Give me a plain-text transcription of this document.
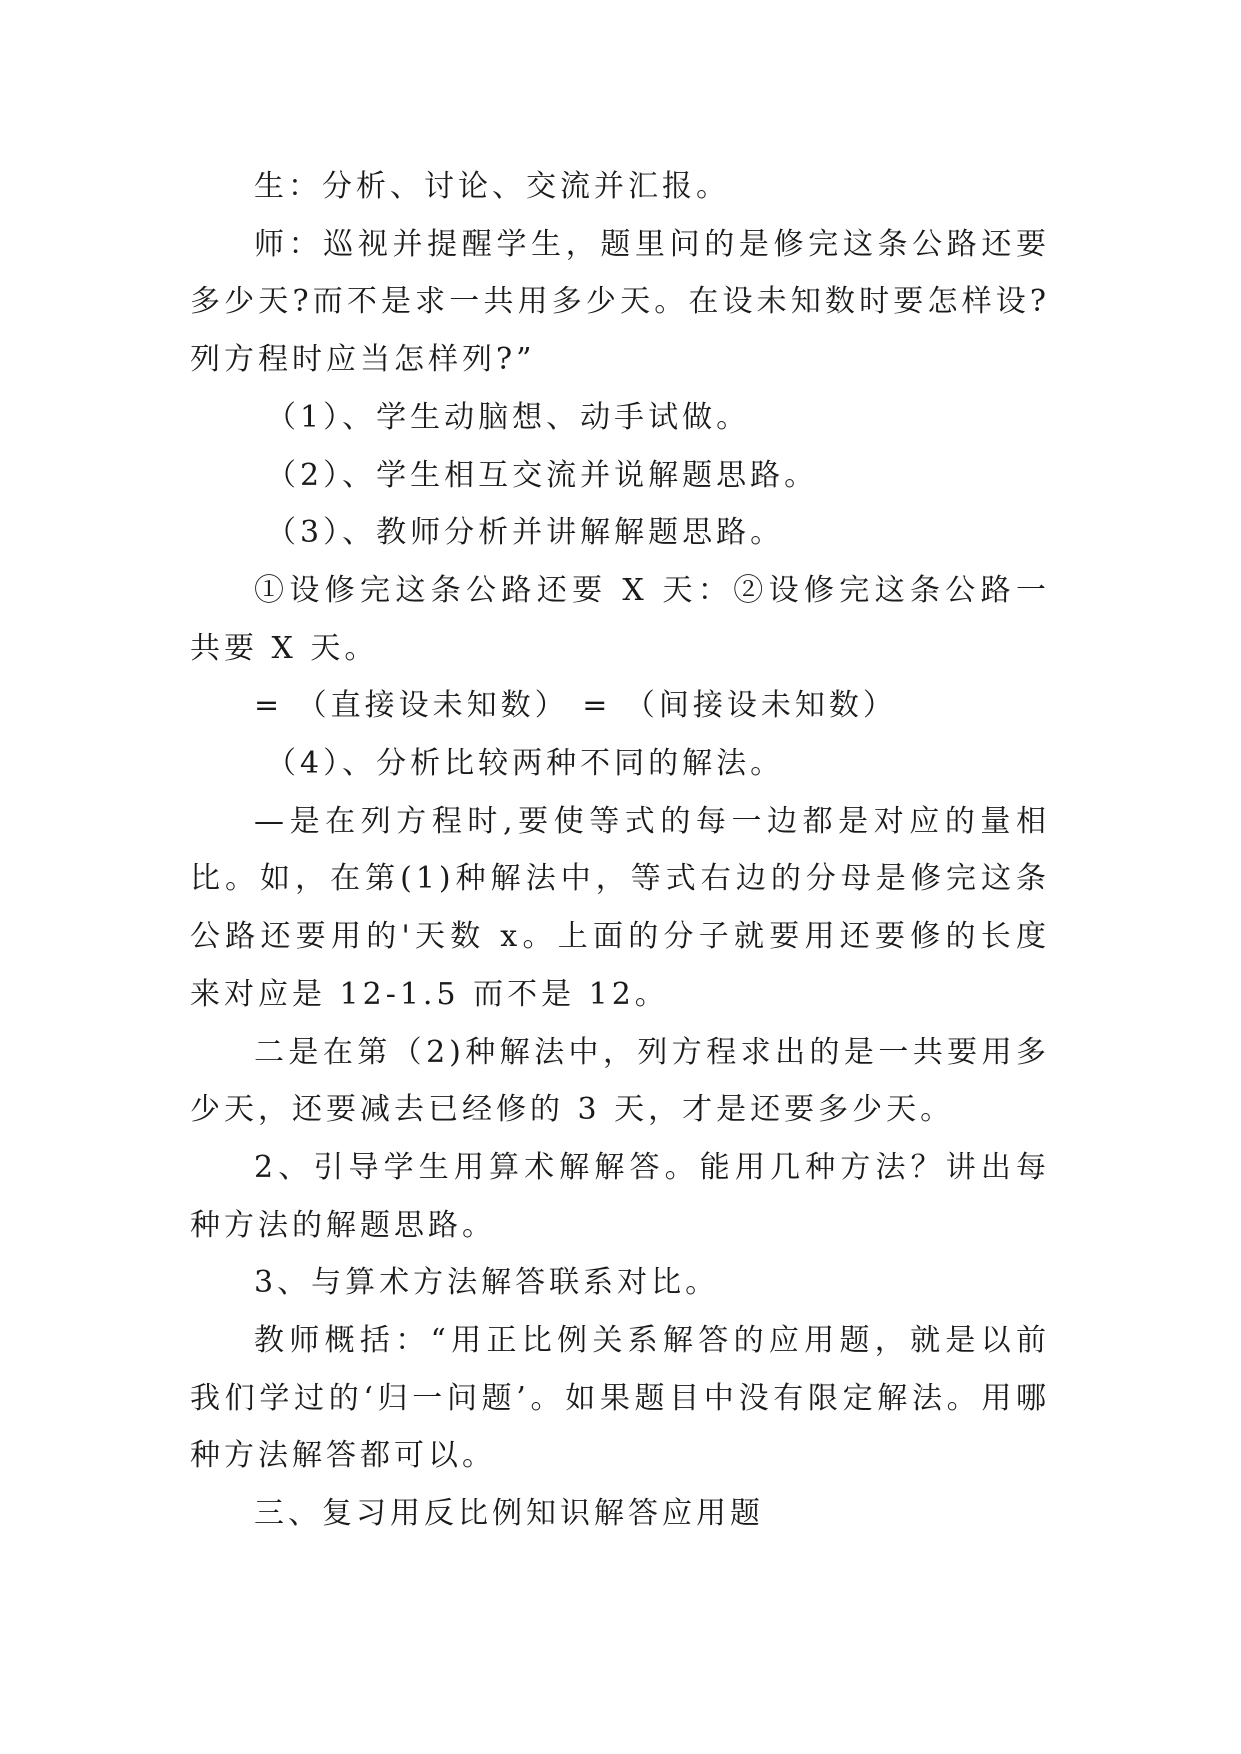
生：分析、讨论、交流并汇报。

师：巡视并提醒学生，题里问的是修完这条公路还要多少天?而不是求一共用多少天。在设未知数时要怎样设?列方程时应当怎样列?”

（1）、学生动脑想、动手试做。

（2）、学生相互交流并说解题思路。

（3）、教师分析并讲解解题思路。

①设修完这条公路还要 X 天：②设修完这条公路一共要 X 天。

= （直接设未知数） = （间接设未知数）

（4）、分析比较两种不同的解法。

—是在列方程时,要使等式的每一边都是对应的量相比。如，在第(1)种解法中，等式右边的分母是修完这条公路还要用的'天数 x。上面的分子就要用还要修的长度来对应是 12-1.5 而不是 12。

二是在第（2)种解法中，列方程求出的是一共要用多少天，还要减去已经修的 3 天，才是还要多少天。

2、引导学生用算术解解答。能用几种方法？讲出每种方法的解题思路。

3、与算术方法解答联系对比。

教师概括：“用正比例关系解答的应用题，就是以前我们学过的‘归一问题’。如果题目中没有限定解法。用哪种方法解答都可以。

三、复习用反比例知识解答应用题
